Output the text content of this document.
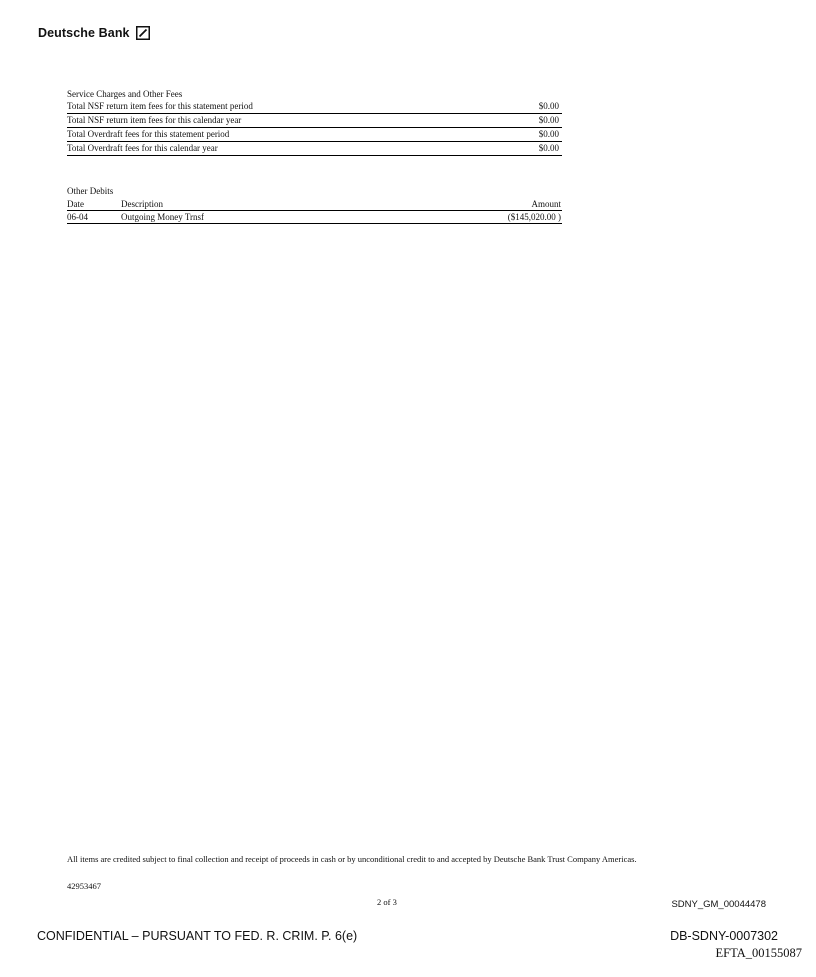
Deutsche Bank
Service Charges and Other Fees
Total NSF return item fees for this statement period	$0.00
Total NSF return item fees for this calendar year	$0.00
Total Overdraft fees for this statement period	$0.00
Total Overdraft fees for this calendar year	$0.00
Other Debits
Date	Description	Amount
06-04	Outgoing Money Trnsf	($145,020.00 )
All items are credited subject to final collection and receipt of proceeds in cash or by unconditional credit to and accepted by Deutsche Bank Trust Company Americas.
42953467
2 of 3	SDNY_GM_00044478
CONFIDENTIAL – PURSUANT TO FED. R. CRIM. P. 6(e)	DB-SDNY-0007302
EFTA_00155087
